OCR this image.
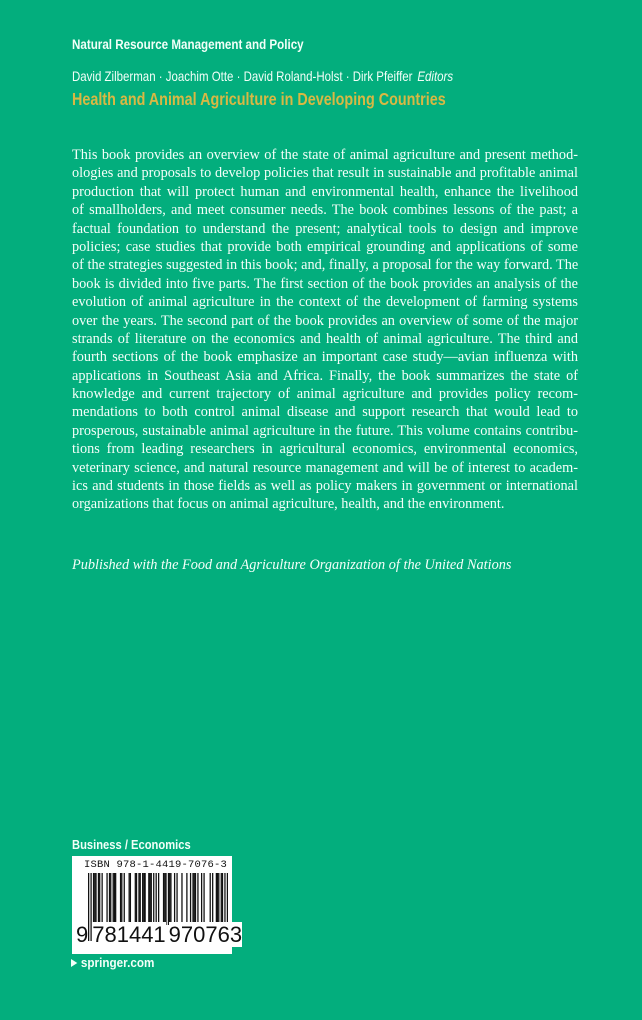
Natural Resource Management and Policy
David Zilberman · Joachim Otte · David Roland-Holst · Dirk Pfeiffer Editors
Health and Animal Agriculture in Developing Countries
This book provides an overview of the state of animal agriculture and present method-
ologies and proposals to develop policies that result in sustainable and profitable animal
production that will protect human and environmental health, enhance the livelihood
of smallholders, and meet consumer needs. The book combines lessons of the past; a
factual foundation to understand the present; analytical tools to design and improve
policies; case studies that provide both empirical grounding and applications of some
of the strategies suggested in this book; and, finally, a proposal for the way forward. The
book is divided into five parts. The first section of the book provides an analysis of the
evolution of animal agriculture in the context of the development of farming systems
over the years. The second part of the book provides an overview of some of the major
strands of literature on the economics and health of animal agriculture. The third and
fourth sections of the book emphasize an important case study—avian influenza with
applications in Southeast Asia and Africa. Finally, the book summarizes the state of
knowledge and current trajectory of animal agriculture and provides policy recom-
mendations to both control animal disease and support research that would lead to
prosperous, sustainable animal agriculture in the future. This volume contains contribu-
tions from leading researchers in agricultural economics, environmental economics,
veterinary science, and natural resource management and will be of interest to academ-
ics and students in those fields as well as policy makers in government or international
organizations that focus on animal agriculture, health, and the environment.
Published with the Food and Agriculture Organization of the United Nations
Business / Economics
ISBN 978-1-4419-7076-3
9 781441 970763
springer.com
